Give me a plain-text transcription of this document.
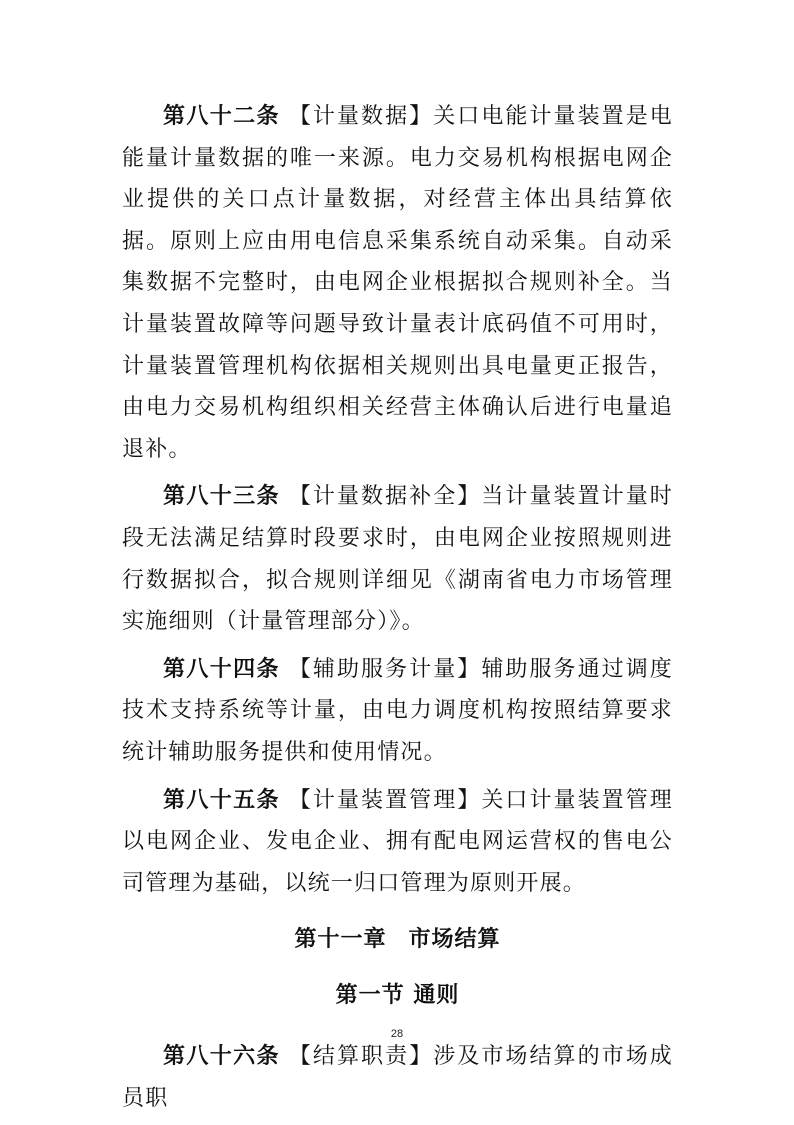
第八十二条 【计量数据】关口电能计量装置是电能量计量数据的唯一来源。电力交易机构根据电网企业提供的关口点计量数据，对经营主体出具结算依据。原则上应由用电信息采集系统自动采集。自动采集数据不完整时，由电网企业根据拟合规则补全。当计量装置故障等问题导致计量表计底码值不可用时，计量装置管理机构依据相关规则出具电量更正报告，由电力交易机构组织相关经营主体确认后进行电量追退补。

第八十三条 【计量数据补全】当计量装置计量时段无法满足结算时段要求时，由电网企业按照规则进行数据拟合，拟合规则详细见《湖南省电力市场管理实施细则（计量管理部分）》。

第八十四条 【辅助服务计量】辅助服务通过调度技术支持系统等计量，由电力调度机构按照结算要求统计辅助服务提供和使用情况。

第八十五条 【计量装置管理】关口计量装置管理以电网企业、发电企业、拥有配电网运营权的售电公司管理为基础，以统一归口管理为原则开展。

第十一章 市场结算
第一节 通则

第八十六条 【结算职责】涉及市场结算的市场成员职

28
